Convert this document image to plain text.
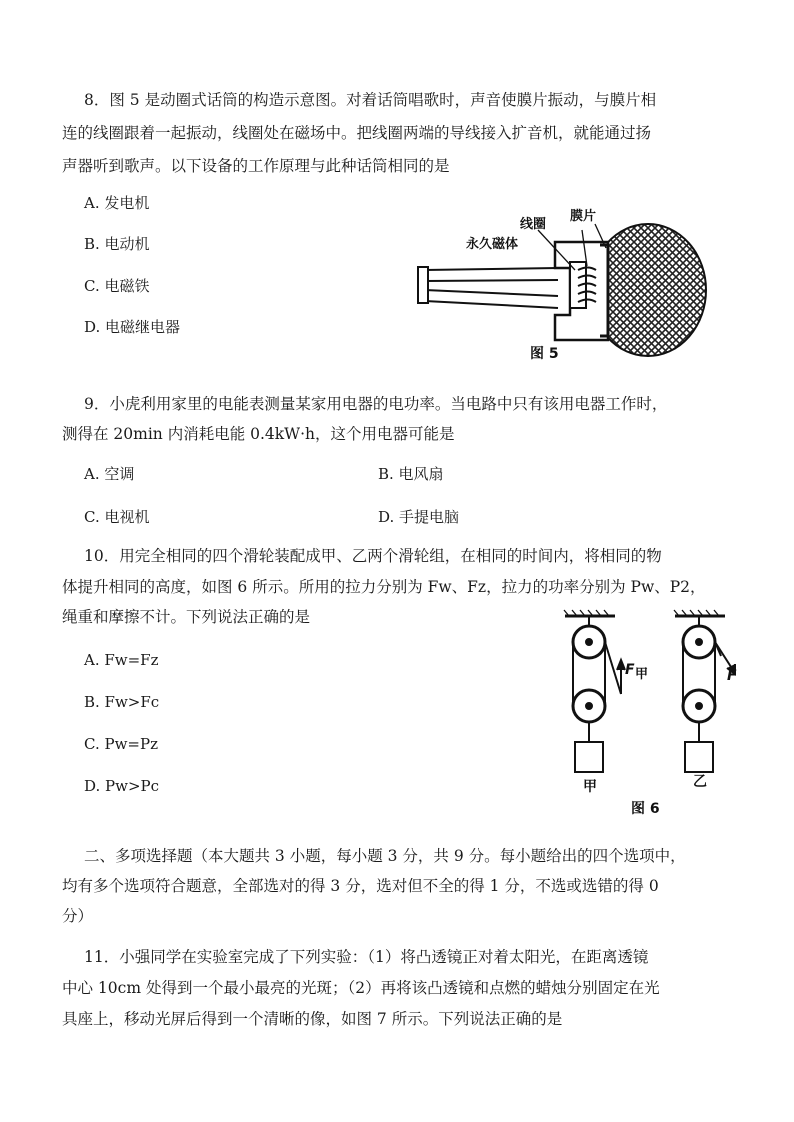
8．图 5 是动圈式话筒的构造示意图。对着话筒唱歌时，声音使膜片振动，与膜片相
连的线圈跟着一起振动，线圈处在磁场中。把线圈两端的导线接入扩音机，就能通过扬
声器听到歌声。以下设备的工作原理与此种话筒相同的是
A. 发电机
B. 电动机
C. 电磁铁
D. 电磁继电器
线圈
膜片
永久磁体
图 5
9．小虎利用家里的电能表测量某家用电器的电功率。当电路中只有该用电器工作时，
测得在 20min 内消耗电能 0.4kW·h，这个用电器可能是
A. 空调	B. 电风扇
C. 电视机	D. 手提电脑
10．用完全相同的四个滑轮装配成甲、乙两个滑轮组，在相同的时间内，将相同的物
体提升相同的高度，如图 6 所示。所用的拉力分别为 Fw、Fz，拉力的功率分别为 Pw、P2，
绳重和摩擦不计。下列说法正确的是
A. Fw=Fz
B. Fw>Fc
C. Pw=Pz
D. Pw>Pc
F 甲	F
甲	乙
图 6
二、多项选择题（本大题共 3 小题，每小题 3 分，共 9 分。每小题给出的四个选项中，
均有多个选项符合题意，全部选对的得 3 分，选对但不全的得 1 分，不选或选错的得 0
分）
11．小强同学在实验室完成了下列实验：（1）将凸透镜正对着太阳光，在距离透镜
中心 10cm 处得到一个最小最亮的光斑；（2）再将该凸透镜和点燃的蜡烛分别固定在光
具座上，移动光屏后得到一个清晰的像，如图 7 所示。下列说法正确的是
